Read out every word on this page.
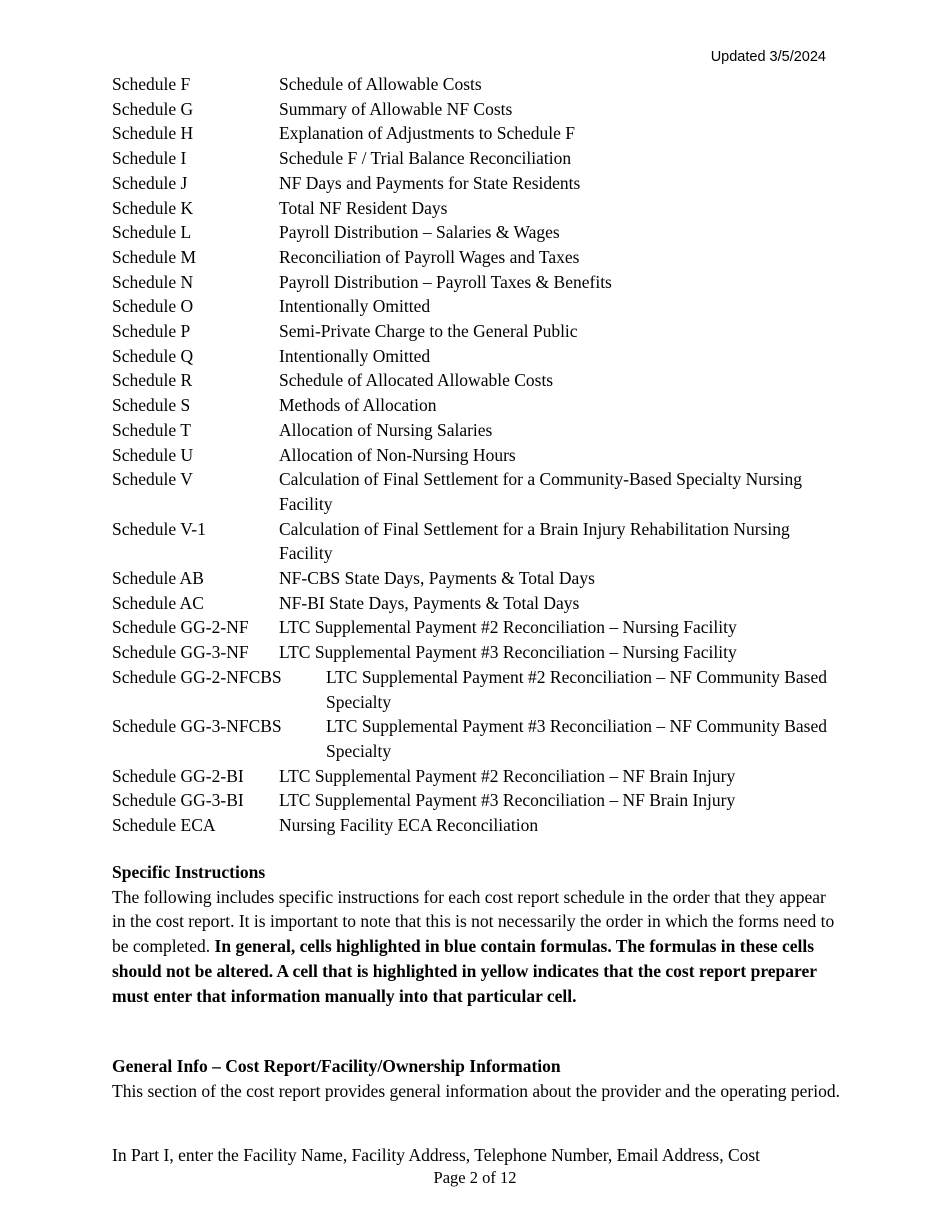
Updated 3/5/2024
Schedule F	Schedule of Allowable Costs
Schedule G	Summary of Allowable NF Costs
Schedule H	Explanation of Adjustments to Schedule F
Schedule I	Schedule F / Trial Balance Reconciliation
Schedule J	NF Days and Payments for State Residents
Schedule K	Total NF Resident Days
Schedule L	Payroll Distribution – Salaries & Wages
Schedule M	Reconciliation of Payroll Wages and Taxes
Schedule N	Payroll Distribution – Payroll Taxes & Benefits
Schedule O	Intentionally Omitted
Schedule P	Semi-Private Charge to the General Public
Schedule Q	Intentionally Omitted
Schedule R	Schedule of Allocated Allowable Costs
Schedule S	Methods of Allocation
Schedule T	Allocation of Nursing Salaries
Schedule U	Allocation of Non-Nursing Hours
Schedule V	Calculation of Final Settlement for a Community-Based Specialty Nursing Facility
Schedule V-1	Calculation of Final Settlement for a Brain Injury Rehabilitation Nursing Facility
Schedule AB	NF-CBS State Days, Payments & Total Days
Schedule AC	NF-BI State Days, Payments & Total Days
Schedule GG-2-NF	LTC Supplemental Payment #2 Reconciliation – Nursing Facility
Schedule GG-3-NF	LTC Supplemental Payment #3 Reconciliation – Nursing Facility
Schedule GG-2-NFCBS	LTC Supplemental Payment #2 Reconciliation – NF Community Based Specialty
Schedule GG-3-NFCBS	LTC Supplemental Payment #3 Reconciliation – NF Community Based Specialty
Schedule GG-2-BI	LTC Supplemental Payment #2 Reconciliation – NF Brain Injury
Schedule GG-3-BI	LTC Supplemental Payment #3 Reconciliation – NF Brain Injury
Schedule ECA	Nursing Facility ECA Reconciliation
Specific Instructions
The following includes specific instructions for each cost report schedule in the order that they appear in the cost report. It is important to note that this is not necessarily the order in which the forms need to be completed. In general, cells highlighted in blue contain formulas. The formulas in these cells should not be altered. A cell that is highlighted in yellow indicates that the cost report preparer must enter that information manually into that particular cell.
General Info – Cost Report/Facility/Ownership Information
This section of the cost report provides general information about the provider and the operating period.
In Part I, enter the Facility Name, Facility Address, Telephone Number, Email Address, Cost
Page 2 of 12
